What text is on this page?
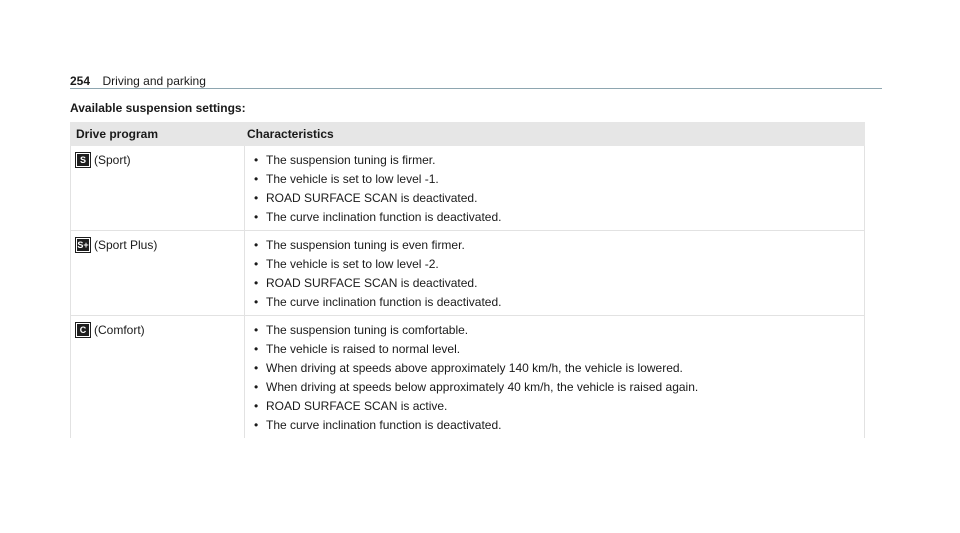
254 Driving and parking
Available suspension settings:
Drive program	Characteristics
S (Sport)	• The suspension tuning is firmer.
• The vehicle is set to low level -1.
• ROAD SURFACE SCAN is deactivated.
• The curve inclination function is deactivated.
S+ (Sport Plus)	• The suspension tuning is even firmer.
• The vehicle is set to low level -2.
• ROAD SURFACE SCAN is deactivated.
• The curve inclination function is deactivated.
C (Comfort)	• The suspension tuning is comfortable.
• The vehicle is raised to normal level.
• When driving at speeds above approximately 140 km/h, the vehicle is lowered.
• When driving at speeds below approximately 40 km/h, the vehicle is raised again.
• ROAD SURFACE SCAN is active.
• The curve inclination function is deactivated.
